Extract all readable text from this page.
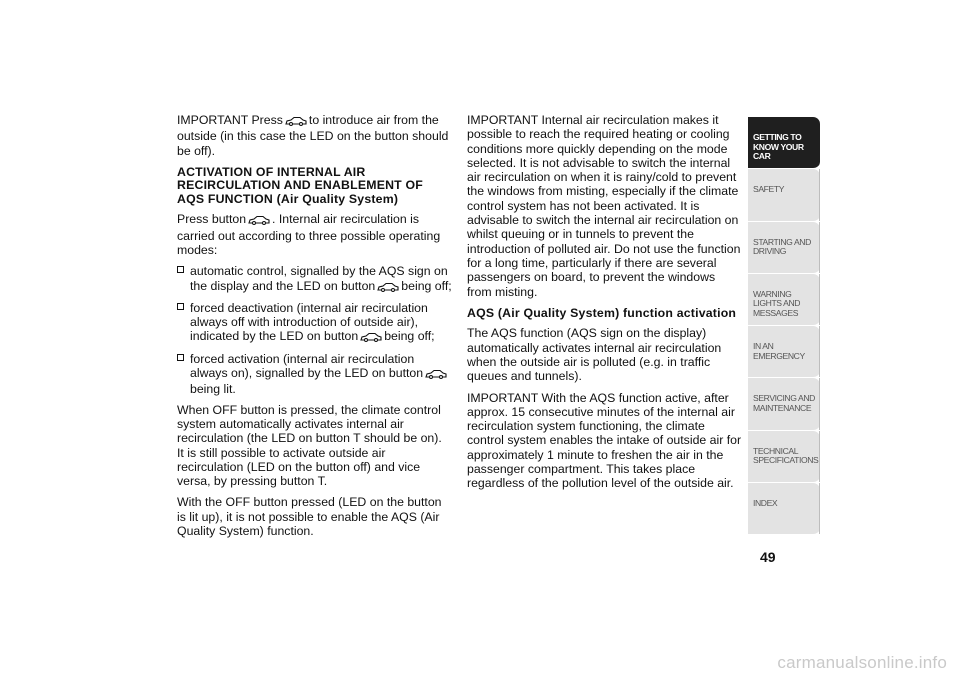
IMPORTANT Press to introduce air from the outside (in this case the LED on the button should be off).

ACTIVATION OF INTERNAL AIR RECIRCULATION AND ENABLEMENT OF AQS FUNCTION (Air Quality System)

Press button . Internal air recirculation is carried out according to three possible operating modes:

automatic control, signalled by the AQS sign on the display and the LED on button being off;
forced deactivation (internal air recirculation always off with introduction of outside air), indicated by the LED on button being off;
forced activation (internal air recirculation always on), signalled by the LED on buttonbeing lit.

When OFF button is pressed, the climate control system automatically activates internal air recirculation (the LED on button T should be on). It is still possible to activate outside air recirculation (LED on the button off) and vice versa, by pressing button T.

With the OFF button pressed (LED on the button is lit up), it is not possible to enable the AQS (Air Quality System) function.

IMPORTANT Internal air recirculation makes it possible to reach the required heating or cooling conditions more quickly depending on the mode selected. It is not advisable to switch the internal air recirculation on when it is rainy/cold to prevent the windows from misting, especially if the climate control system has not been activated. It is advisable to switch the internal air recirculation on whilst queuing or in tunnels to prevent the introduction of polluted air. Do not use the function for a long time, particularly if there are several passengers on board, to prevent the windows from misting.

AQS (Air Quality System) function activation

The AQS function (AQS sign on the display) automatically activates internal air recirculation when the outside air is polluted (e.g. in traffic queues and tunnels).

IMPORTANT With the AQS function active, after approx. 15 consecutive minutes of the internal air recirculation system functioning, the climate control system enables the intake of outside air for approximately 1 minute to freshen the air in the passenger compartment. This takes place regardless of the pollution level of the outside air.

GETTING TO KNOW YOUR CAR
SAFETY
STARTING AND DRIVING
WARNING LIGHTS AND MESSAGES
IN AN EMERGENCY
SERVICING AND MAINTENANCE
TECHNICAL SPECIFICATIONS
INDEX
49
carmanualsonline.info
